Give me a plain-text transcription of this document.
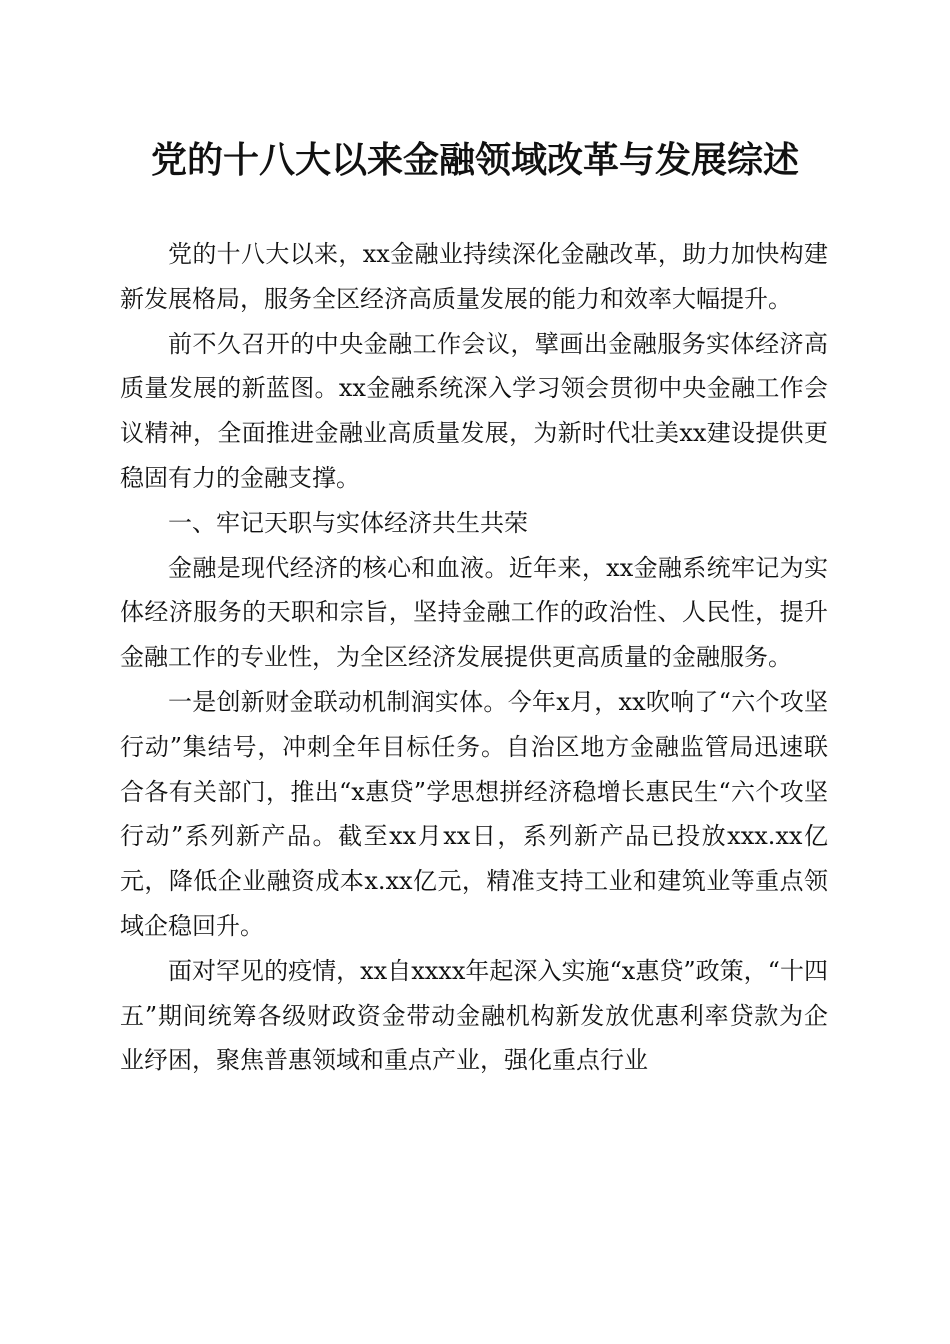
党的十八大以来金融领域改革与发展综述

党的十八大以来，xx金融业持续深化金融改革，助力加快构建新发展格局，服务全区经济高质量发展的能力和效率大幅提升。

前不久召开的中央金融工作会议，擘画出金融服务实体经济高质量发展的新蓝图。xx金融系统深入学习领会贯彻中央金融工作会议精神，全面推进金融业高质量发展，为新时代壮美xx建设提供更稳固有力的金融支撑。

一、牢记天职与实体经济共生共荣

金融是现代经济的核心和血液。近年来，xx金融系统牢记为实体经济服务的天职和宗旨，坚持金融工作的政治性、人民性，提升金融工作的专业性，为全区经济发展提供更高质量的金融服务。

一是创新财金联动机制润实体。今年x月，xx吹响了“六个攻坚行动”集结号，冲刺全年目标任务。自治区地方金融监管局迅速联合各有关部门，推出“x惠贷”学思想拼经济稳增长惠民生“六个攻坚行动”系列新产品。截至xx月xx日，系列新产品已投放xxx.xx亿元，降低企业融资成本x.xx亿元，精准支持工业和建筑业等重点领域企稳回升。

面对罕见的疫情，xx自xxxx年起深入实施“x惠贷”政策，“十四五”期间统筹各级财政资金带动金融机构新发放优惠利率贷款为企业纾困，聚焦普惠领域和重点产业，强化重点行业
